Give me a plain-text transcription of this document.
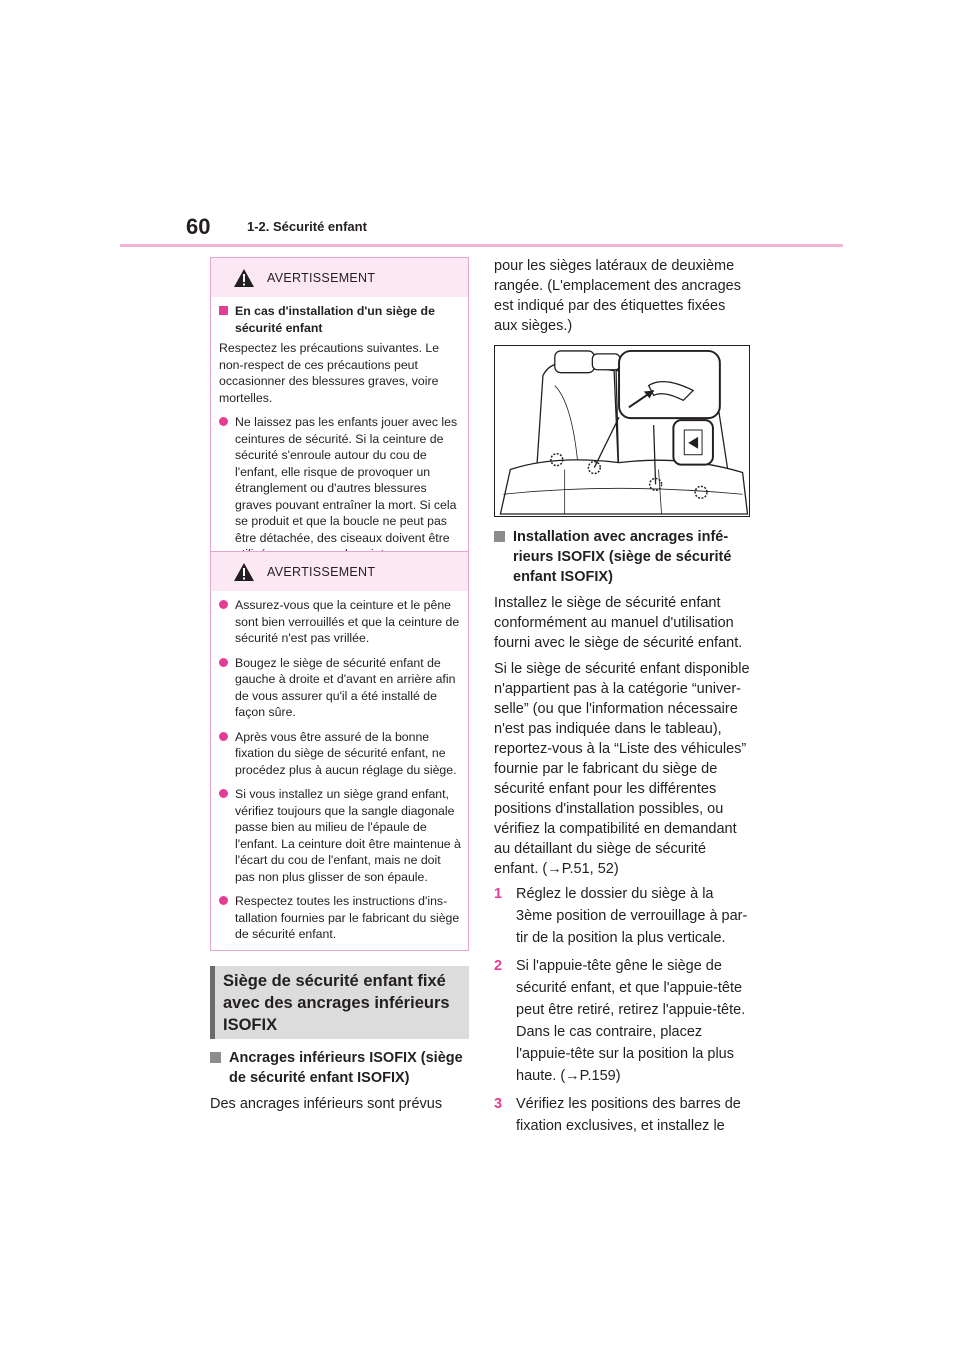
60	1-2. Sécurité enfant
AVERTISSEMENT
En cas d'installation d'un siège de sécurité enfant
Respectez les précautions suivantes. Le non-respect de ces précautions peut occasionner des blessures graves, voire mortelles.
Ne laissez pas les enfants jouer avec les ceintures de sécurité. Si la ceinture de sécurité s'enroule autour du cou de l'enfant, elle risque de provoquer un étranglement ou d'autres blessures graves pouvant entraîner la mort. Si cela se produit et que la boucle ne peut pas être détachée, des ciseaux doivent être
AVERTISSEMENT
Assurez-vous que la ceinture et le pêne sont bien verrouillés et que la ceinture de sécurité n'est pas vrillée.
Bougez le siège de sécurité enfant de gauche à droite et d'avant en arrière afin de vous assurer qu'il a été installé de façon sûre.
Après vous être assuré de la bonne fixation du siège de sécurité enfant, ne procédez plus à aucun réglage du siège.
Si vous installez un siège grand enfant, vérifiez toujours que la sangle diagonale passe bien au milieu de l'épaule de l'enfant. La ceinture doit être maintenue à l'écart du cou de l'enfant, mais ne doit pas non plus glisser de son épaule.
Respectez toutes les instructions d'ins-tallation fournies par le fabricant du siège de sécurité enfant.
Siège de sécurité enfant fixé avec des ancrages inférieurs ISOFIX
Ancrages inférieurs ISOFIX (siège de sécurité enfant ISOFIX)
Des ancrages inférieurs sont prévus
pour les sièges latéraux de deuxième rangée. (L'emplacement des ancrages est indiqué par des étiquettes fixées aux sièges.)
Installation avec ancrages infé-rieurs ISOFIX (siège de sécurité enfant ISOFIX)
Installez le siège de sécurité enfant conformément au manuel d'utilisation fourni avec le siège de sécurité enfant.
Si le siège de sécurité enfant disponible n'appartient pas à la catégorie “univer-selle” (ou que l'information nécessaire n'est pas indiquée dans le tableau), reportez-vous à la “Liste des véhicules” fournie par le fabricant du siège de sécurité enfant pour les différentes positions d'installation possibles, ou vérifiez la compatibilité en demandant au détaillant du siège de sécurité enfant. (→P.51, 52)
1 Réglez le dossier du siège à la 3ème position de verrouillage à par-tir de la position la plus verticale.
2 Si l'appuie-tête gêne le siège de sécurité enfant, et que l'appuie-tête peut être retiré, retirez l'appuie-tête. Dans le cas contraire, placez l'appuie-tête sur la position la plus haute. (→P.159)
3 Vérifiez les positions des barres de fixation exclusives, et installez le
